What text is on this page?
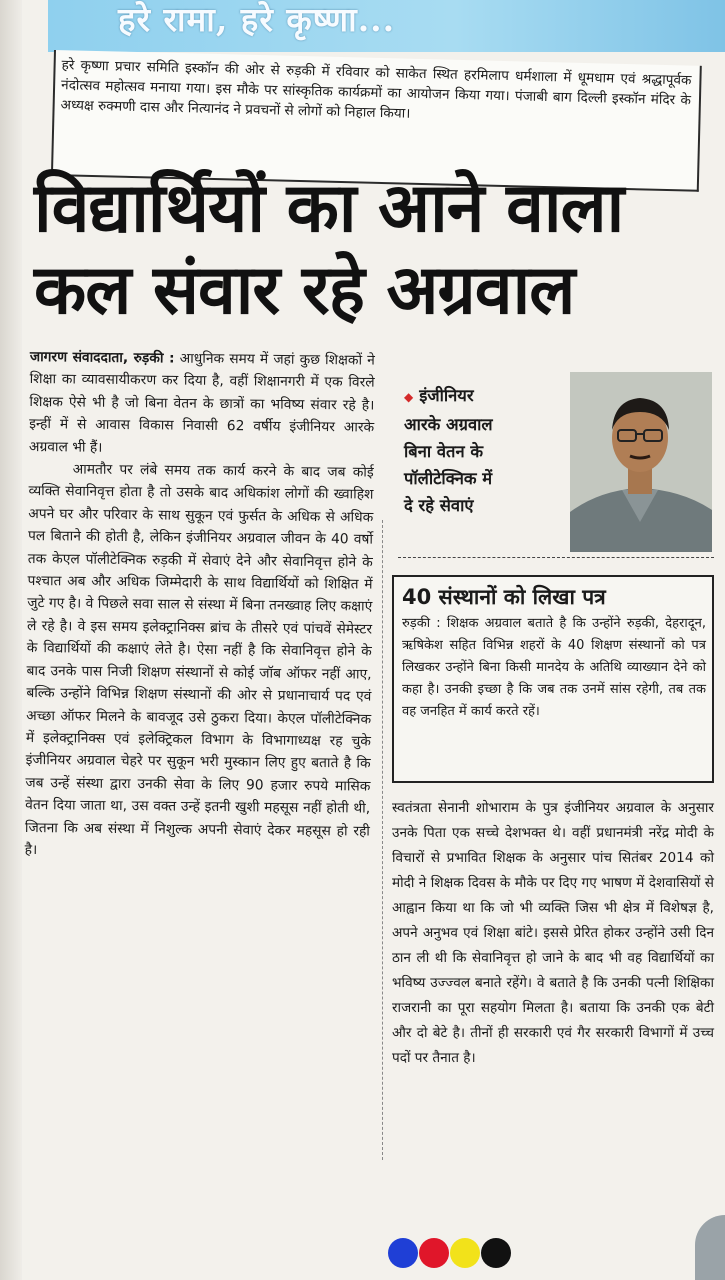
हरे रामा, हरे कृष्णा...

हरे कृष्णा प्रचार समिति इस्कॉन की ओर से रुड़की में रविवार को साकेत स्थित हरमिलाप धर्मशाला में धूमधाम एवं श्रद्धापूर्वक नंदोत्सव महोत्सव मनाया गया। इस मौके पर सांस्कृतिक कार्यक्रमों का आयोजन किया गया। पंजाबी बाग दिल्ली इस्कॉन मंदिर के अध्यक्ष रुक्मणी दास और नित्यानंद ने प्रवचनों से लोगों को निहाल किया।

विद्यार्थियों का आने वाला
कल संवार रहे अग्रवाल

जागरण संवाददाता, रुड़की : आधुनिक समय में जहां कुछ शिक्षकों ने शिक्षा का व्यावसायीकरण कर दिया है, वहीं शिक्षानगरी में एक विरले शिक्षक ऐसे भी है जो बिना वेतन के छात्रों का भविष्य संवार रहे है। इन्हीं में से आवास विकास निवासी 62 वर्षीय इंजीनियर आरके अग्रवाल भी हैं।

आमतौर पर लंबे समय तक कार्य करने के बाद जब कोई व्यक्ति सेवानिवृत्त होता है तो उसके बाद अधिकांश लोगों की ख्वाहिश अपने घर और परिवार के साथ सुकून एवं फुर्सत के अधिक से अधिक पल बिताने की होती है, लेकिन इंजीनियर अग्रवाल जीवन के 40 वर्षो तक केएल पॉलीटेक्निक रुड़की में सेवाएं देने और सेवानिवृत्त होने के पश्चात अब और अधिक जिम्मेदारी के साथ विद्यार्थियों को शिक्षित में जुटे गए है। वे पिछले सवा साल से संस्था में बिना तनख्वाह लिए कक्षाएं ले रहे है। वे इस समय इलेक्ट्रानिक्स ब्रांच के तीसरे एवं पांचवें सेमेस्टर के विद्यार्थियों की कक्षाएं लेते है। ऐसा नहीं है कि सेवानिवृत्त होने के बाद उनके पास निजी शिक्षण संस्थानों से कोई जॉब ऑफर नहीं आए, बल्कि उन्होंने विभिन्न शिक्षण संस्थानों की ओर से प्रधानाचार्य पद एवं अच्छा ऑफर मिलने के बावजूद उसे ठुकरा दिया। केएल पॉलीटेक्निक में इलेक्ट्रानिक्स एवं इलेक्ट्रिकल विभाग के विभागाध्यक्ष रह चुके इंजीनियर अग्रवाल चेहरे पर सुकून भरी मुस्कान लिए हुए बताते है कि जब उन्हें संस्था द्वारा उनकी सेवा के लिए 90 हजार रुपये मासिक वेतन दिया जाता था, उस वक्त उन्हें इतनी खुशी महसूस नहीं होती थी, जितना कि अब संस्था में निशुल्क अपनी सेवाएं देकर महसूस हो रही है।

◆ इंजीनियर
आरके अग्रवाल
बिना वेतन के
पॉलीटेक्निक में
दे रहे सेवाएं
40 संस्थानों को लिखा पत्र

रुड़की : शिक्षक अग्रवाल बताते है कि उन्होंने रुड़की, देहरादून, ऋषिकेश सहित विभिन्न शहरों के 40 शिक्षण संस्थानों को पत्र लिखकर उन्होंने बिना किसी मानदेय के अतिथि व्याख्यान देने को कहा है। उनकी इच्छा है कि जब तक उनमें सांस रहेगी, तब तक वह जनहित में कार्य करते रहें।

स्वतंत्रता सेनानी शोभाराम के पुत्र इंजीनियर अग्रवाल के अनुसार उनके पिता एक सच्चे देशभक्त थे। वहीं प्रधानमंत्री नरेंद्र मोदी के विचारों से प्रभावित शिक्षक के अनुसार पांच सितंबर 2014 को मोदी ने शिक्षक दिवस के मौके पर दिए गए भाषण में देशवासियों से आह्वान किया था कि जो भी व्यक्ति जिस भी क्षेत्र में विशेषज्ञ है, अपने अनुभव एवं शिक्षा बांटे। इससे प्रेरित होकर उन्होंने उसी दिन ठान ली थी कि सेवानिवृत्त हो जाने के बाद भी वह विद्यार्थियों का भविष्य उज्ज्वल बनाते रहेंगे। वे बताते है कि उनकी पत्नी शिक्षिका राजरानी का पूरा सहयोग मिलता है। बताया कि उनकी एक बेटी और दो बेटे है। तीनों ही सरकारी एवं गैर सरकारी विभागों में उच्च पदों पर तैनात है।
